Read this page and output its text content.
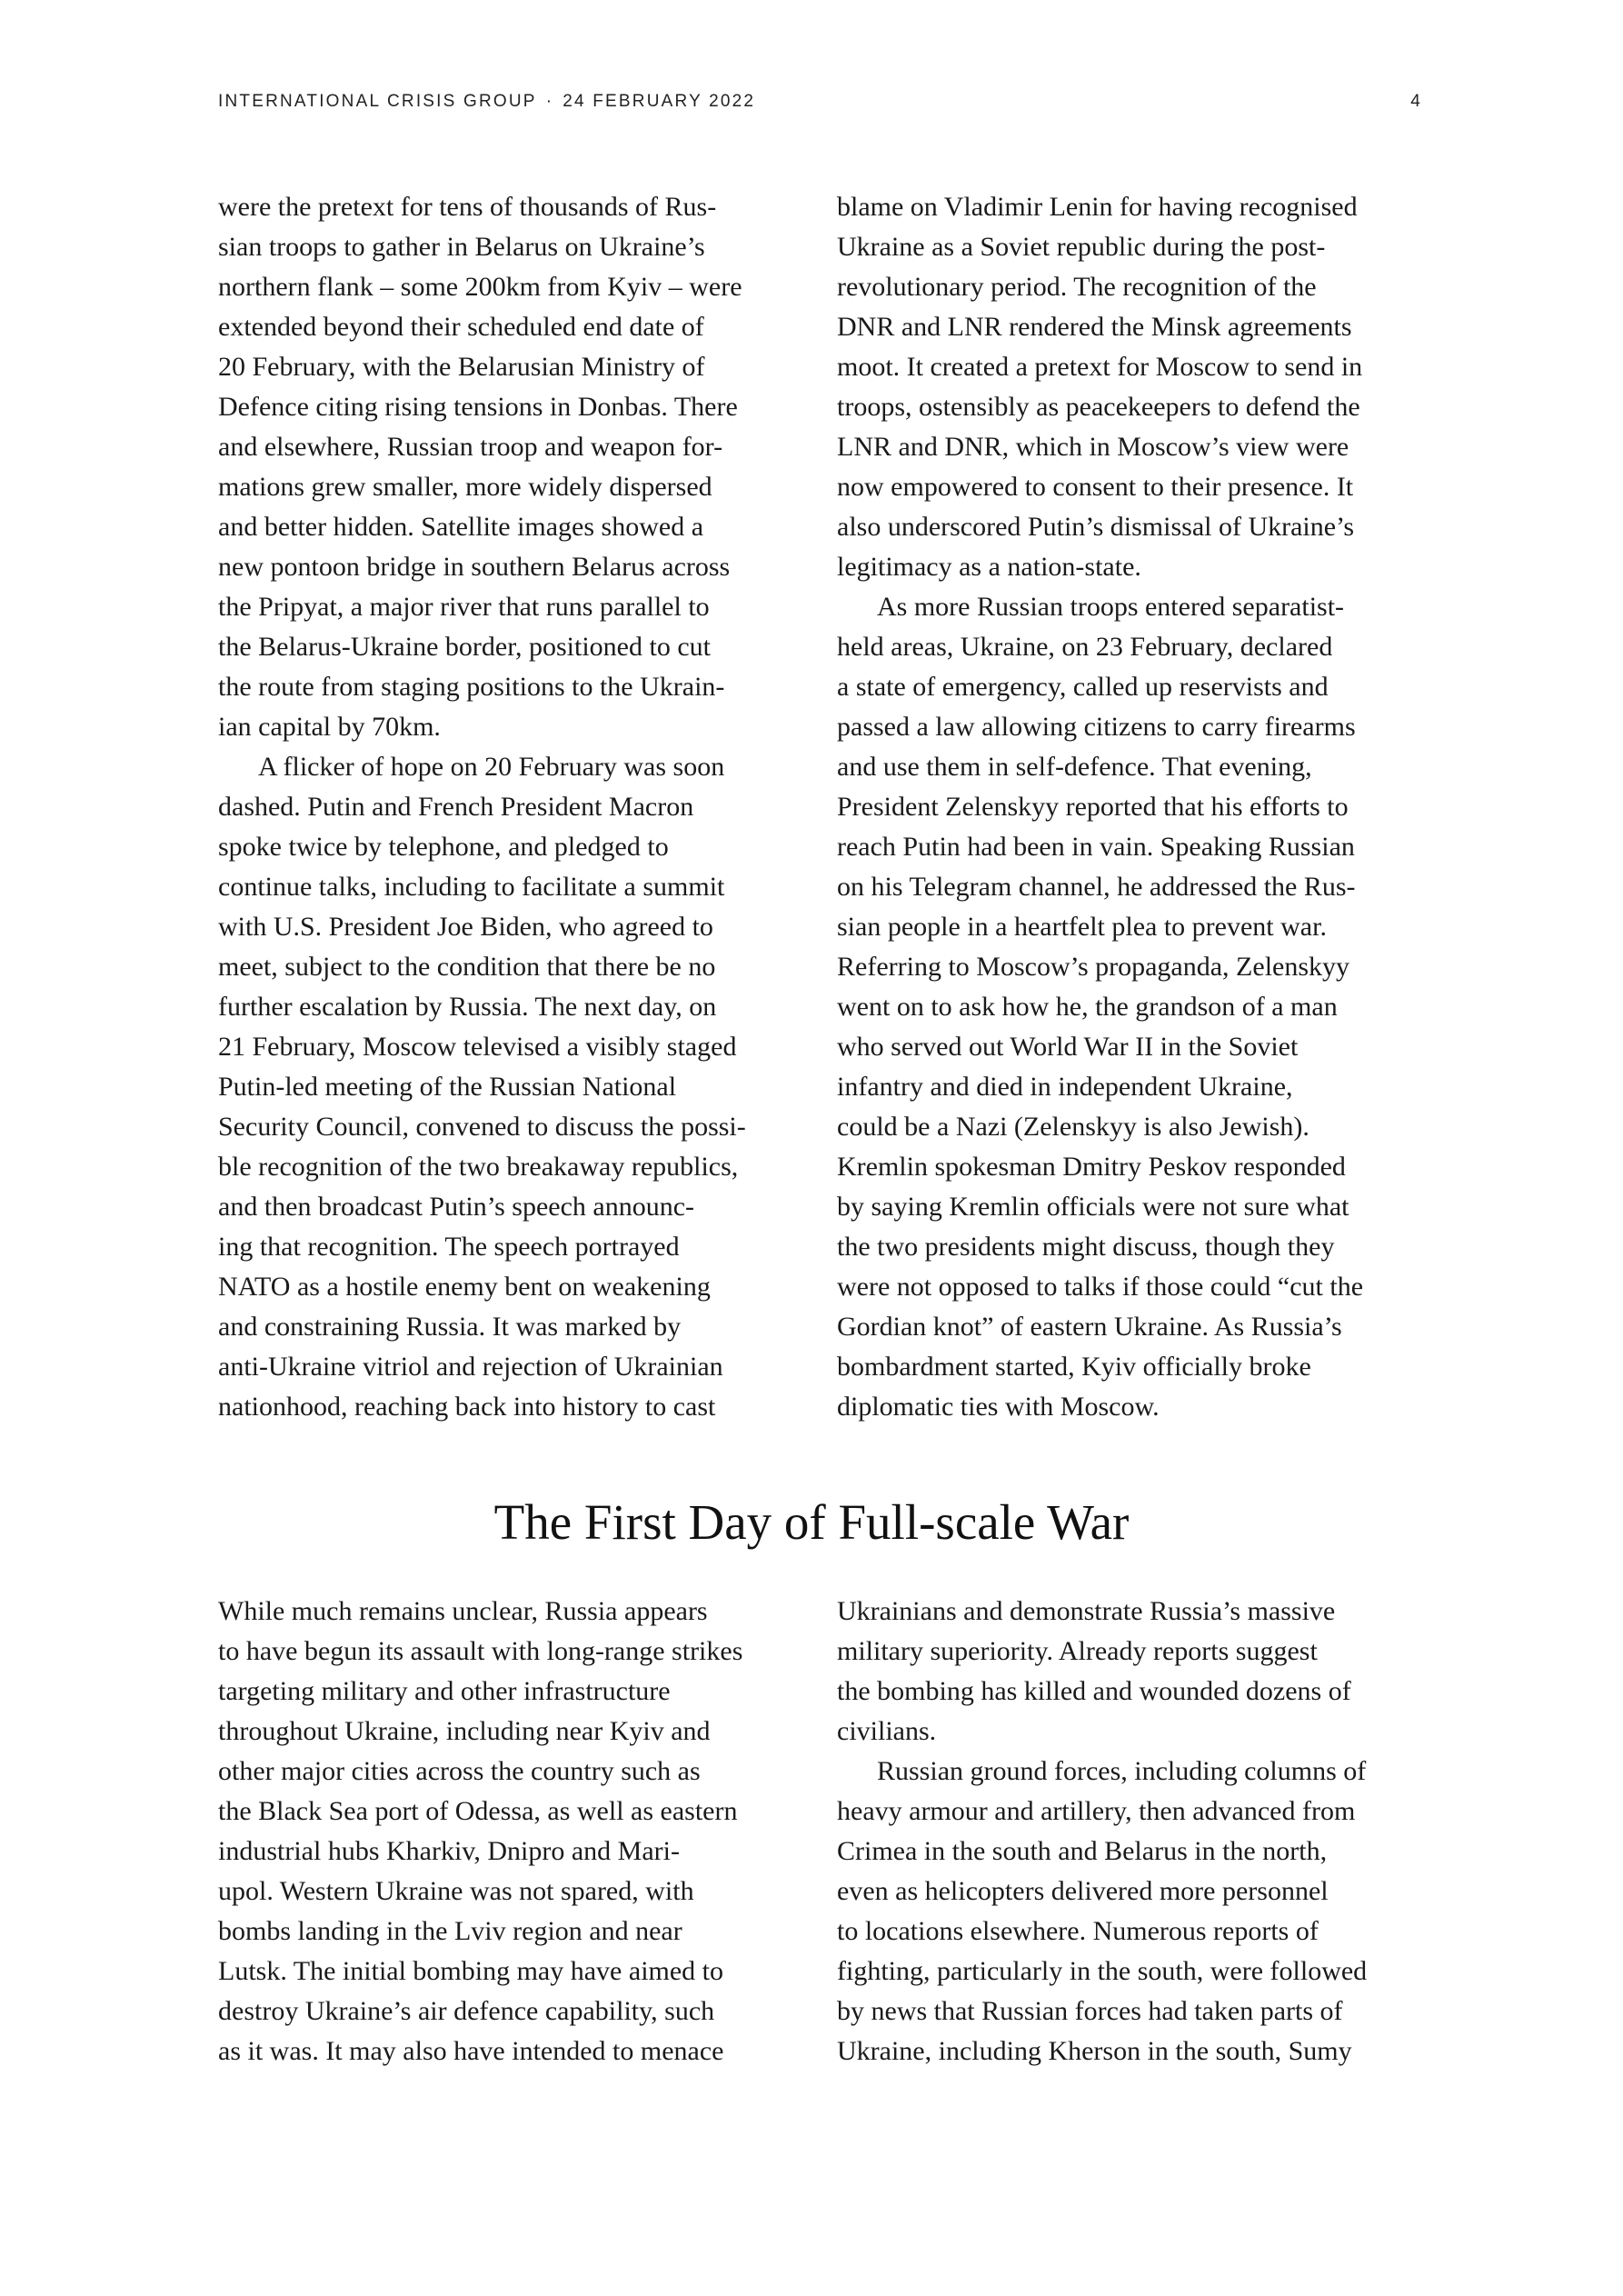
INTERNATIONAL CRISIS GROUP · 24 FEBRUARY 2022	4
were the pretext for tens of thousands of Rus-
sian troops to gather in Belarus on Ukraine’s
northern flank – some 200km from Kyiv – were
extended beyond their scheduled end date of
20 February, with the Belarusian Ministry of
Defence citing rising tensions in Donbas. There
and elsewhere, Russian troop and weapon for-
mations grew smaller, more widely dispersed
and better hidden. Satellite images showed a
new pontoon bridge in southern Belarus across
the Pripyat, a major river that runs parallel to
the Belarus-Ukraine border, positioned to cut
the route from staging positions to the Ukrain-
ian capital by 70km.
A flicker of hope on 20 February was soon
dashed. Putin and French President Macron
spoke twice by telephone, and pledged to
continue talks, including to facilitate a summit
with U.S. President Joe Biden, who agreed to
meet, subject to the condition that there be no
further escalation by Russia. The next day, on
21 February, Moscow televised a visibly staged
Putin-led meeting of the Russian National
Security Council, convened to discuss the possi-
ble recognition of the two breakaway republics,
and then broadcast Putin’s speech announc-
ing that recognition. The speech portrayed
NATO as a hostile enemy bent on weakening
and constraining Russia. It was marked by
anti-Ukraine vitriol and rejection of Ukrainian
nationhood, reaching back into history to cast
blame on Vladimir Lenin for having recognised
Ukraine as a Soviet republic during the post-
revolutionary period. The recognition of the
DNR and LNR rendered the Minsk agreements
moot. It created a pretext for Moscow to send in
troops, ostensibly as peacekeepers to defend the
LNR and DNR, which in Moscow’s view were
now empowered to consent to their presence. It
also underscored Putin’s dismissal of Ukraine’s
legitimacy as a nation-state.
As more Russian troops entered separatist-
held areas, Ukraine, on 23 February, declared
a state of emergency, called up reservists and
passed a law allowing citizens to carry firearms
and use them in self-defence. That evening,
President Zelenskyy reported that his efforts to
reach Putin had been in vain. Speaking Russian
on his Telegram channel, he addressed the Rus-
sian people in a heartfelt plea to prevent war.
Referring to Moscow’s propaganda, Zelenskyy
went on to ask how he, the grandson of a man
who served out World War II in the Soviet
infantry and died in independent Ukraine,
could be a Nazi (Zelenskyy is also Jewish).
Kremlin spokesman Dmitry Peskov responded
by saying Kremlin officials were not sure what
the two presidents might discuss, though they
were not opposed to talks if those could “cut the
Gordian knot” of eastern Ukraine. As Russia’s
bombardment started, Kyiv officially broke
diplomatic ties with Moscow.
The First Day of Full-scale War
While much remains unclear, Russia appears
to have begun its assault with long-range strikes
targeting military and other infrastructure
throughout Ukraine, including near Kyiv and
other major cities across the country such as
the Black Sea port of Odessa, as well as eastern
industrial hubs Kharkiv, Dnipro and Mari-
upol. Western Ukraine was not spared, with
bombs landing in the Lviv region and near
Lutsk. The initial bombing may have aimed to
destroy Ukraine’s air defence capability, such
as it was. It may also have intended to menace
Ukrainians and demonstrate Russia’s massive
military superiority. Already reports suggest
the bombing has killed and wounded dozens of
civilians.
Russian ground forces, including columns of
heavy armour and artillery, then advanced from
Crimea in the south and Belarus in the north,
even as helicopters delivered more personnel
to locations elsewhere. Numerous reports of
fighting, particularly in the south, were followed
by news that Russian forces had taken parts of
Ukraine, including Kherson in the south, Sumy
